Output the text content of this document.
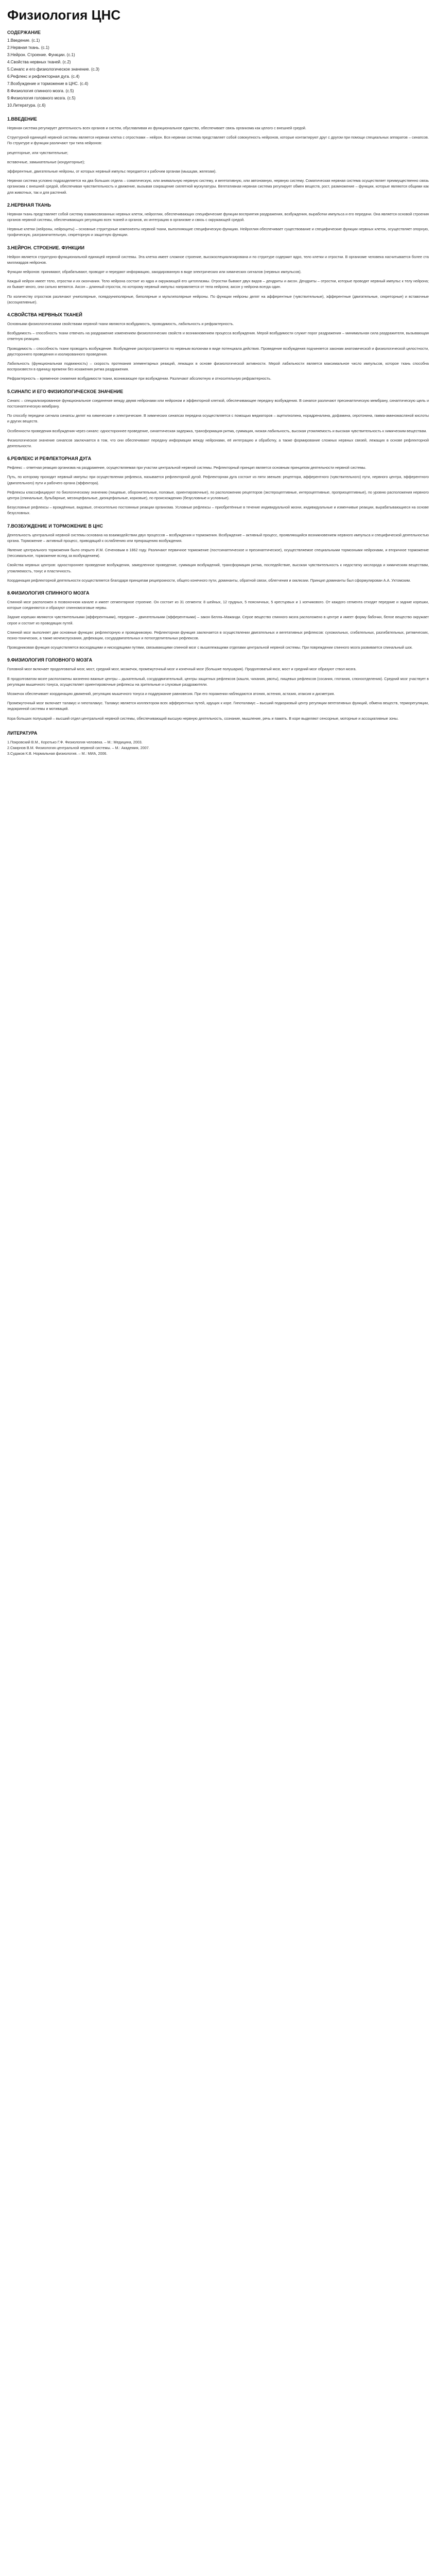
Физиология ЦНС
СОДЕРЖАНИЕ
1.Введение. (с.1)
2.Нервная ткань. (с.1)
3.Нейрон. Строение. Функции. (с.1)
4.Свойства нервных тканей. (с.2)
5.Синапс и его физиологическое значение. (с.3)
6.Рефлекс и рефлекторная дуга. (с.4)
7.Возбуждение и торможение в ЦНС. (с.4)
8.Физиология спинного мозга. (с.5)
9.Физиология головного мозга. (с.5)
10.Литература. (с.6)
1.ВВЕДЕНИЕ

Нервная система регулирует деятельность всех органов и систем, обуславливая их функциональное единство, обеспечивает связь организма как целого с внешней средой.

Структурной единицей нервной системы является нервная клетка с отростками – нейрон. Вся нервная система представляет собой совокупность нейронов, которые контактируют друг с другом при помощи специальных аппаратов – синапсов. По структуре и функции различают три типа нейронов:

рецепторные, или чувствительные;

вставочные, замыкательные (кондукторные);

эфферентные, двигательные нейроны, от которых нервный импульс передается к рабочим органам (мышцам, железам).

Нервная система условно подразделяется на два больших отдела – соматическую, или анимальную нервную систему, и вегетативную, или автономную, нервную систему. Соматическая нервная система осуществляет преимущественно связь организма с внешней средой, обеспечивая чувствительность и движение, вызывая сокращение скелетной мускулатуры. Вегетативная нервная система регулирует обмен веществ, рост, размножение – функции, которые являются общими как для животных, так и для растений.

2.НЕРВНАЯ ТКАНЬ

Нервная ткань представляет собой систему взаимосвязанных нервных клеток, нейроглии, обеспечивающих специфические функции восприятия раздражения, возбуждения, выработки импульса и его передачи. Она является основой строения органов нервной системы, обеспечивающих регуляцию всех тканей и органов, их интеграцию в организме и связь с окружающей средой.

Нервные клетки (нейроны, нейроциты) – основные структурные компоненты нервной ткани, выполняющие специфическую функцию. Нейроглия обеспечивает существование и специфические функции нервных клеток, осуществляет опорную, трофическую, разграничительную, секреторную и защитную функции.

3.НЕЙРОН. СТРОЕНИЕ. ФУНКЦИИ

Нейрон является структурно-функциональной единицей нервной системы. Эта клетка имеет сложное строение, высокоспециализирована и по структуре содержит ядро, тело клетки и отростки. В организме человека насчитывается более ста миллиардов нейронов.

Функции нейронов: принимают, обрабатывают, проводят и передают информацию, закодированную в виде электрических или химических сигналов (нервных импульсов).

Каждый нейрон имеет тело, отростки и их окончания. Тело нейрона состоит из ядра и окружающей его цитоплазмы. Отростки бывают двух видов – дендриты и аксон. Дендриты – отростки, которые проводят нервный импульс к телу нейрона; их бывает много, они сильно ветвятся. Аксон – длинный отросток, по которому нервный импульс направляется от тела нейрона; аксон у нейрона всегда один.

По количеству отростков различают униполярные, псевдоуниполярные, биполярные и мультиполярные нейроны. По функции нейроны делят на афферентные (чувствительные), эфферентные (двигательные, секреторные) и вставочные (ассоциативные).

4.СВОЙСТВА НЕРВНЫХ ТКАНЕЙ

Основными физиологическими свойствами нервной ткани являются возбудимость, проводимость, лабильность и рефрактерность.

Возбудимость – способность ткани отвечать на раздражение изменением физиологических свойств и возникновением процесса возбуждения. Мерой возбудимости служит порог раздражения – минимальная сила раздражителя, вызывающая ответную реакцию.

Проводимость – способность ткани проводить возбуждение. Возбуждение распространяется по нервным волокнам в виде потенциала действия. Проведение возбуждения подчиняется законам анатомической и физиологической целостности, двустороннего проведения и изолированного проведения.

Лабильность (функциональная подвижность) – скорость протекания элементарных реакций, лежащих в основе физиологической активности. Мерой лабильности является максимальное число импульсов, которое ткань способна воспроизвести в единицу времени без искажения ритма раздражения.

Рефрактерность – временное снижение возбудимости ткани, возникающее при возбуждении. Различают абсолютную и относительную рефрактерность.

5.СИНАПС И ЕГО ФИЗИОЛОГИЧЕСКОЕ ЗНАЧЕНИЕ

Синапс – специализированное функциональное соединение между двумя нейронами или нейроном и эффекторной клеткой, обеспечивающее передачу возбуждения. В синапсе различают пресинаптическую мембрану, синаптическую щель и постсинаптическую мембрану.

По способу передачи сигнала синапсы делят на химические и электрические. В химических синапсах передача осуществляется с помощью медиаторов – ацетилхолина, норадреналина, дофамина, серотонина, гамма-аминомасляной кислоты и других веществ.

Особенности проведения возбуждения через синапс: одностороннее проведение, синаптическая задержка, трансформация ритма, суммация, низкая лабильность, высокая утомляемость и высокая чувствительность к химическим веществам.

Физиологическое значение синапсов заключается в том, что они обеспечивают передачу информации между нейронами, её интеграцию и обработку, а также формирование сложных нервных связей, лежащих в основе рефлекторной деятельности.

6.РЕФЛЕКС И РЕФЛЕКТОРНАЯ ДУГА

Рефлекс – ответная реакция организма на раздражение, осуществляемая при участии центральной нервной системы. Рефлекторный принцип является основным принципом деятельности нервной системы.

Путь, по которому проходит нервный импульс при осуществлении рефлекса, называется рефлекторной дугой. Рефлекторная дуга состоит из пяти звеньев: рецептора, афферентного (чувствительного) пути, нервного центра, эфферентного (двигательного) пути и рабочего органа (эффектора).

Рефлексы классифицируют по биологическому значению (пищевые, оборонительные, половые, ориентировочные), по расположению рецепторов (экстероцептивные, интероцептивные, проприоцептивные), по уровню расположения нервного центра (спинальные, бульбарные, мезэнцефальные, диэнцефальные, корковые), по происхождению (безусловные и условные).

Безусловные рефлексы – врождённые, видовые, относительно постоянные реакции организма. Условные рефлексы – приобретённые в течение индивидуальной жизни, индивидуальные и изменчивые реакции, вырабатывающиеся на основе безусловных.

7.ВОЗБУЖДЕНИЕ И ТОРМОЖЕНИЕ В ЦНС

Деятельность центральной нервной системы основана на взаимодействии двух процессов – возбуждения и торможения. Возбуждение – активный процесс, проявляющийся возникновением нервного импульса и специфической деятельностью органа. Торможение – активный процесс, приводящий к ослаблению или прекращению возбуждения.

Явление центрального торможения было открыто И.М. Сеченовым в 1862 году. Различают первичное торможение (постсинаптическое и пресинаптическое), осуществляемое специальными тормозными нейронами, и вторичное торможение (пессимальное, торможение вслед за возбуждением).

Свойства нервных центров: одностороннее проведение возбуждения, замедленное проведение, суммация возбуждений, трансформация ритма, последействие, высокая чувствительность к недостатку кислорода и химическим веществам, утомляемость, тонус и пластичность.

Координация рефлекторной деятельности осуществляется благодаря принципам реципрокности, общего конечного пути, доминанты, обратной связи, облегчения и окклюзии. Принцип доминанты был сформулирован А.А. Ухтомским.

8.ФИЗИОЛОГИЯ СПИННОГО МОЗГА

Спинной мозг расположен в позвоночном канале и имеет сегментарное строение. Он состоит из 31 сегмента: 8 шейных, 12 грудных, 5 поясничных, 5 крестцовых и 1 копчикового. От каждого сегмента отходят передние и задние корешки, которые соединяются и образуют спинномозговые нервы.

Задние корешки являются чувствительными (афферентными), передние – двигательными (эфферентными) – закон Белла–Мажанди. Серое вещество спинного мозга расположено в центре и имеет форму бабочки, белое вещество окружает серое и состоит из проводящих путей.

Спинной мозг выполняет две основные функции: рефлекторную и проводниковую. Рефлекторная функция заключается в осуществлении двигательных и вегетативных рефлексов: сухожильных, сгибательных, разгибательных, ритмических, позно-тонических, а также мочеиспускания, дефекации, сосудодвигательных и потоотделительных рефлексов.

Проводниковая функция осуществляется восходящими и нисходящими путями, связывающими спинной мозг с вышележащими отделами центральной нервной системы. При повреждении спинного мозга развивается спинальный шок.

9.ФИЗИОЛОГИЯ ГОЛОВНОГО МОЗГА

Головной мозг включает продолговатый мозг, мост, средний мозг, мозжечок, промежуточный мозг и конечный мозг (большие полушария). Продолговатый мозг, мост и средний мозг образуют ствол мозга.

В продолговатом мозге расположены жизненно важные центры – дыхательный, сосудодвигательный, центры защитных рефлексов (кашля, чихания, рвоты), пищевых рефлексов (сосания, глотания, слюноотделения). Средний мозг участвует в регуляции мышечного тонуса, осуществляет ориентировочные рефлексы на зрительные и слуховые раздражители.

Мозжечок обеспечивает координацию движений, регуляцию мышечного тонуса и поддержание равновесия. При его поражении наблюдаются атония, астения, астазия, атаксия и дисметрия.

Промежуточный мозг включает таламус и гипоталамус. Таламус является коллектором всех афферентных путей, идущих к коре. Гипоталамус – высший подкорковый центр регуляции вегетативных функций, обмена веществ, терморегуляции, эндокринной системы и мотиваций.

Кора больших полушарий – высший отдел центральной нервной системы, обеспечивающий высшую нервную деятельность, сознание, мышление, речь и память. В коре выделяют сенсорные, моторные и ассоциативные зоны.

ЛИТЕРАТУРА

1.Покровский В.М., Коротько Г.Ф. Физиология человека. – М.: Медицина, 2003.

2.Смирнов В.М. Физиология центральной нервной системы. – М.: Академия, 2007.

3.Судаков К.В. Нормальная физиология. – М.: МИА, 2006.
